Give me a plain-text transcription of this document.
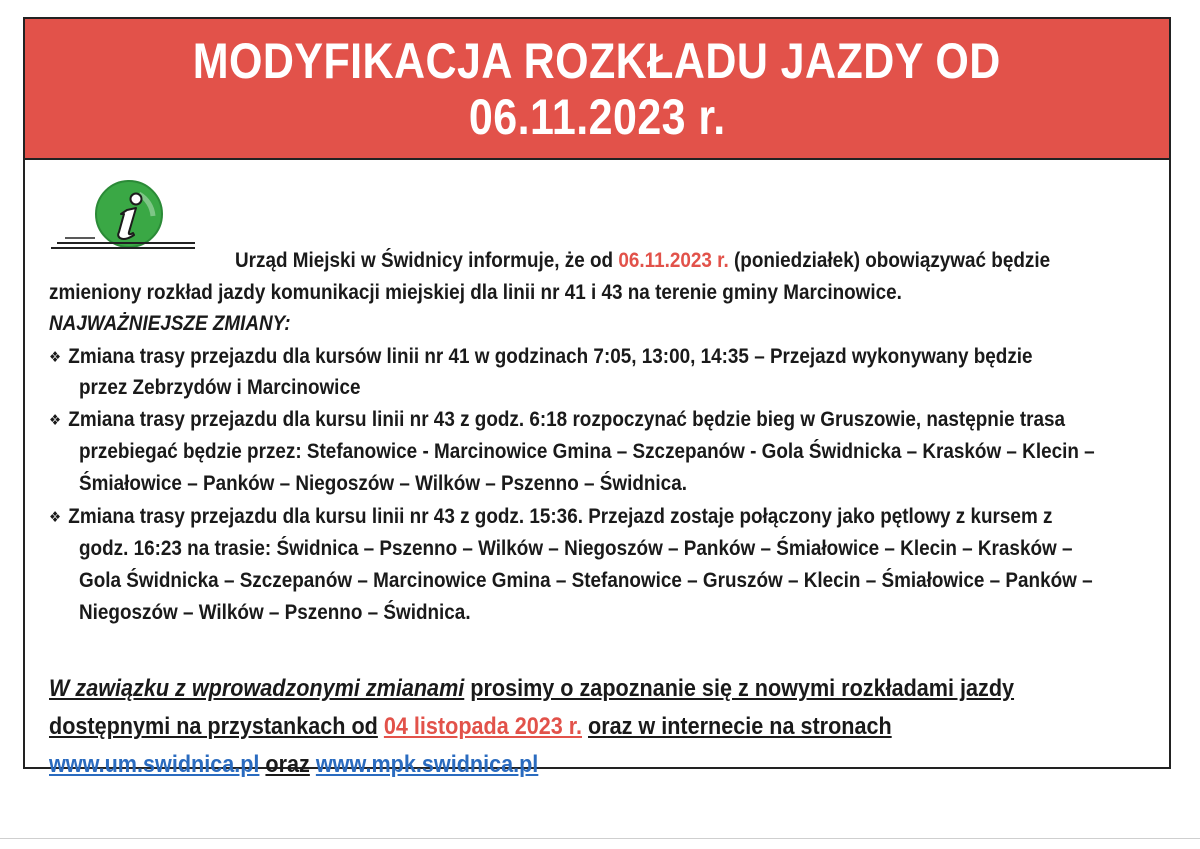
MODYFIKACJA ROZKŁADU JAZDY OD
06.11.2023 r.
Urząd Miejski w Świdnicy informuje, że od 06.11.2023 r. (poniedziałek) obowiązywać będzie
zmieniony rozkład jazdy komunikacji miejskiej dla linii nr 41 i 43 na terenie gminy Marcinowice.
NAJWAŻNIEJSZE ZMIANY:
❖ Zmiana trasy przejazdu dla kursów linii nr 41 w godzinach 7:05, 13:00, 14:35 – Przejazd wykonywany będzie
przez Zebrzydów i Marcinowice
❖ Zmiana trasy przejazdu dla kursu linii nr 43 z godz. 6:18 rozpoczynać będzie bieg w Gruszowie, następnie trasa
przebiegać będzie przez: Stefanowice - Marcinowice Gmina – Szczepanów - Gola Świdnicka – Krasków – Klecin –
Śmiałowice – Panków – Niegoszów – Wilków – Pszenno – Świdnica.
❖ Zmiana trasy przejazdu dla kursu linii nr 43 z godz. 15:36. Przejazd zostaje połączony jako pętlowy z kursem z
godz. 16:23 na trasie: Świdnica – Pszenno – Wilków – Niegoszów – Panków – Śmiałowice – Klecin – Krasków –
Gola Świdnicka – Szczepanów – Marcinowice Gmina – Stefanowice – Gruszów – Klecin – Śmiałowice – Panków –
Niegoszów – Wilków – Pszenno – Świdnica.
W zawiązku z wprowadzonymi zmianami prosimy o zapoznanie się z nowymi rozkładami jazdy
dostępnymi na przystankach od 04 listopada 2023 r. oraz w internecie na stronach
www.um.swidnica.pl oraz www.mpk.swidnica.pl
